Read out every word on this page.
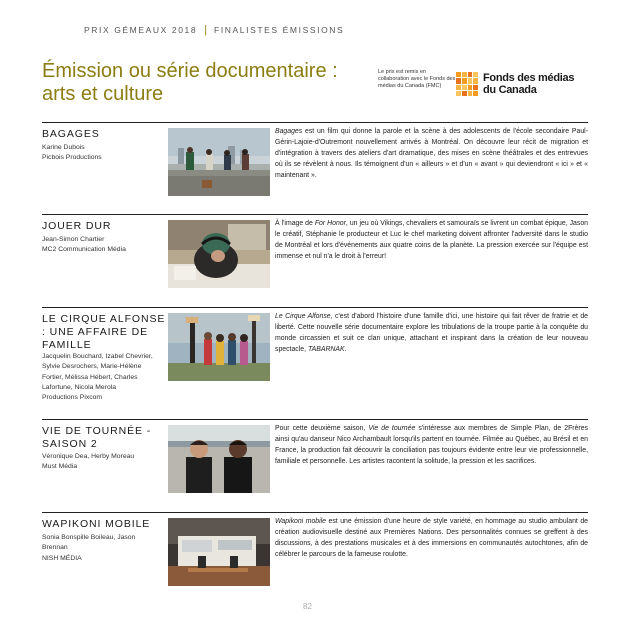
PRIX GÉMEAUX 2018 | FINALISTES ÉMISSIONS
Émission ou série documentaire :
arts et culture
Le prix est remis en collaboration avec le Fonds des médias du Canada (FMC)
Fonds des médias
du Canada
BAGAGES
Karine Dubois
Picbois Productions
Bagages est un film qui donne la parole et la scène à des adolescents de l'école secondaire Paul-Gérin-Lajoie-d'Outremont nouvellement arrivés à Montréal. On découvre leur récit de migration et d'intégration à travers des ateliers d'art dramatique, des mises en scène théâtrales et des entrevues où ils se révèlent à nous. Ils témoignent d'un « ailleurs » et d'un « avant » qui deviendront « ici » et « maintenant ».
JOUER DUR
Jean-Simon Chartier
MC2 Communication Média
À l'image de For Honor, un jeu où Vikings, chevaliers et samouraïs se livrent un combat épique, Jason le créatif, Stéphanie le producteur et Luc le chef marketing doivent affronter l'adversité dans le studio de Montréal et lors d'événements aux quatre coins de la planète. La pression exercée sur l'équipe est immense et nul n'a le droit à l'erreur!
LE CIRQUE ALFONSE : UNE AFFAIRE DE FAMILLE
Jacquelin Bouchard, Izabel Chevrier, Sylvie Desrochers, Marie-Hélène Fortier, Mélissa Hébert, Charles Lafortune, Nicola Merola
Productions Pixcom
Le Cirque Alfonse, c'est d'abord l'histoire d'une famille d'ici, une histoire qui fait rêver de fratrie et de liberté. Cette nouvelle série documentaire explore les tribulations de la troupe partie à la conquête du monde circassien et suit ce clan unique, attachant et inspirant dans la création de leur nouveau spectacle, TABARNAK.
VIE DE TOURNÉE - SAISON 2
Véronique Dea, Herby Moreau
Must Média
Pour cette deuxième saison, Vie de tournée s'intéresse aux membres de Simple Plan, de 2Frères ainsi qu'au danseur Nico Archambault lorsqu'ils partent en tournée. Filmée au Québec, au Brésil et en France, la production fait découvrir la conciliation pas toujours évidente entre leur vie professionnelle, familiale et personnelle. Les artistes racontent la solitude, la pression et les sacrifices.
WAPIKONI MOBILE
Sonia Bonspille Boileau, Jason Brennan
NISH MÉDIA
Wapikoni mobile est une émission d'une heure de style variété, en hommage au studio ambulant de création audiovisuelle destiné aux Premières Nations. Des personnalités connues se greffent à des discussions, à des prestations musicales et à des immersions en communautés autochtones, afin de célébrer le parcours de la fameuse roulotte.
82
